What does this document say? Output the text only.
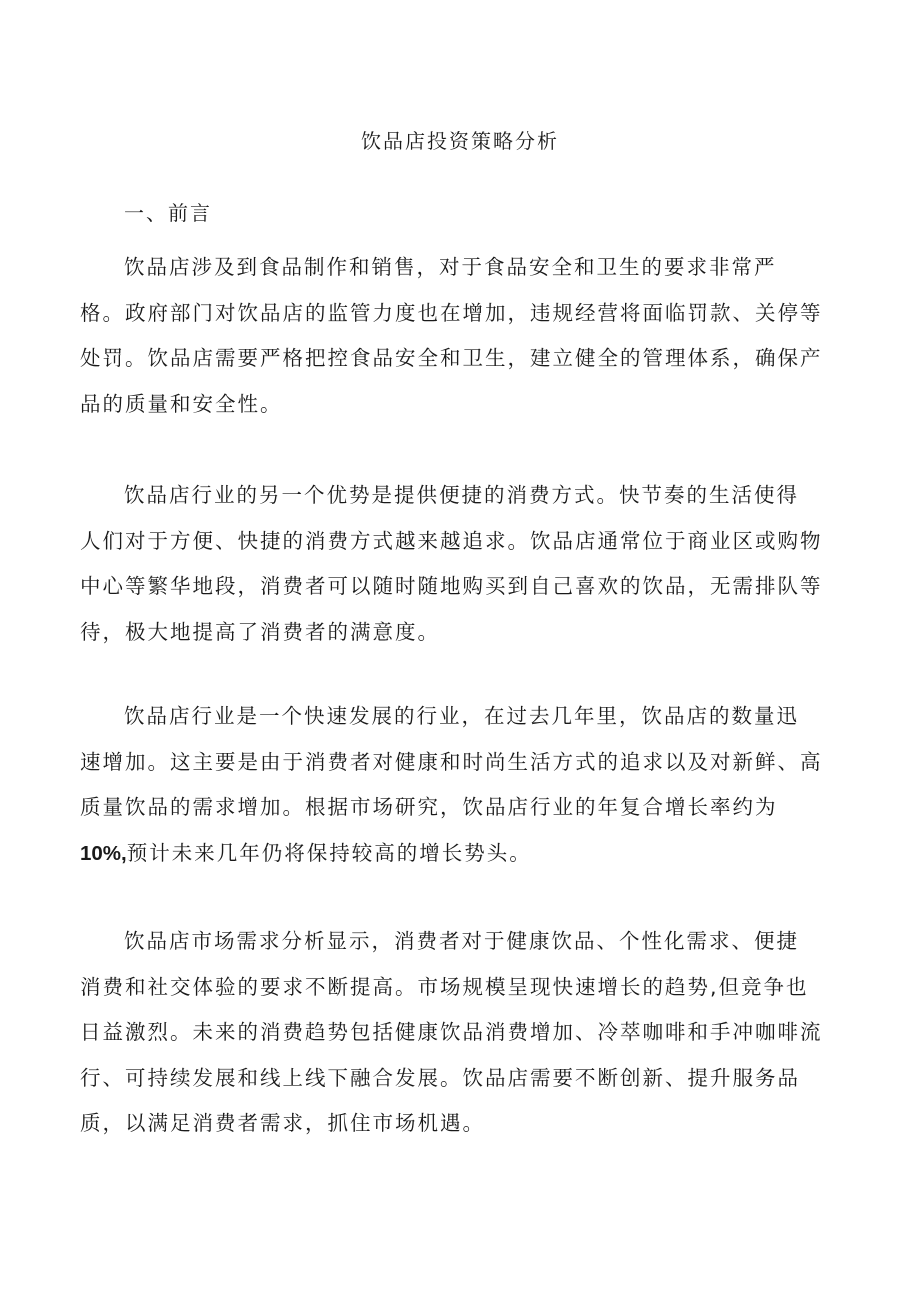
饮品店投资策略分析
一、前言
饮品店涉及到食品制作和销售，对于食品安全和卫生的要求非常严
格。政府部门对饮品店的监管力度也在增加，违规经营将面临罚款、关停等
处罚。饮品店需要严格把控食品安全和卫生，建立健全的管理体系，确保产
品的质量和安全性。
饮品店行业的另一个优势是提供便捷的消费方式。快节奏的生活使得
人们对于方便、快捷的消费方式越来越追求。饮品店通常位于商业区或购物
中心等繁华地段，消费者可以随时随地购买到自己喜欢的饮品，无需排队等
待，极大地提高了消费者的满意度。
饮品店行业是一个快速发展的行业，在过去几年里，饮品店的数量迅
速增加。这主要是由于消费者对健康和时尚生活方式的追求以及对新鲜、高
质量饮品的需求增加。根据市场研究，饮品店行业的年复合增长率约为
10%,预计未来几年仍将保持较高的增长势头。
饮品店市场需求分析显示，消费者对于健康饮品、个性化需求、便捷
消费和社交体验的要求不断提高。市场规模呈现快速增长的趋势,但竞争也
日益激烈。未来的消费趋势包括健康饮品消费增加、冷萃咖啡和手冲咖啡流
行、可持续发展和线上线下融合发展。饮品店需要不断创新、提升服务品
质，以满足消费者需求，抓住市场机遇。
